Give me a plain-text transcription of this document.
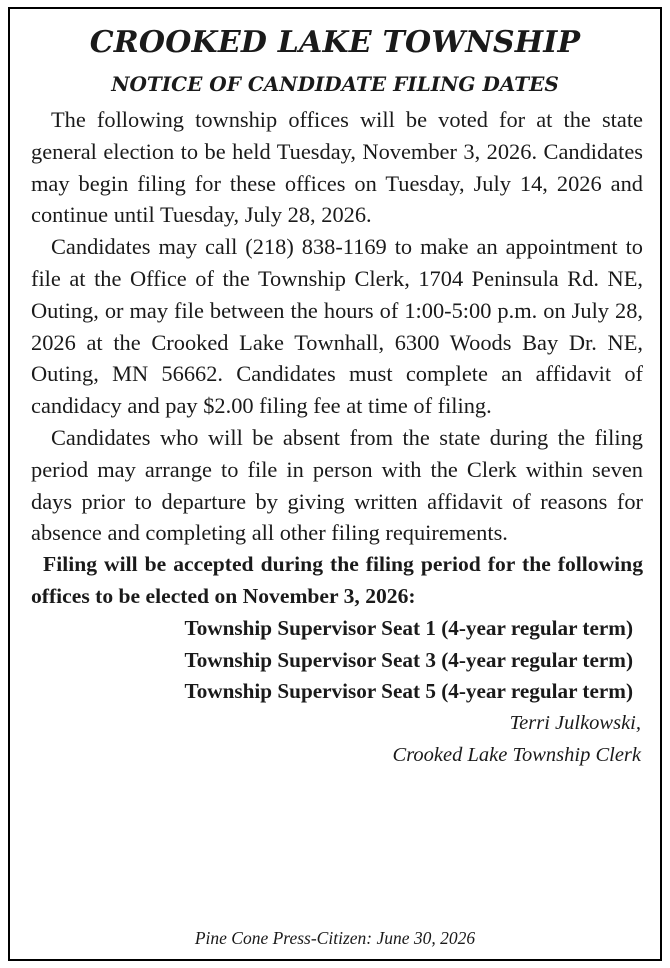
CROOKED LAKE TOWNSHIP
NOTICE OF CANDIDATE FILING DATES

The following township offices will be voted for at the state general election to be held Tuesday, November 3, 2026. Candidates may begin filing for these offices on Tuesday, July 14, 2026 and continue until Tuesday, July 28, 2026.

Candidates may call (218) 838-1169 to make an appointment to file at the Office of the Township Clerk, 1704 Peninsula Rd. NE, Outing, or may file between the hours of 1:00-5:00 p.m. on July 28, 2026 at the Crooked Lake Townhall, 6300 Woods Bay Dr. NE, Outing, MN 56662. Candidates must complete an affidavit of candidacy and pay $2.00 filing fee at time of filing.

Candidates who will be absent from the state during the filing period may arrange to file in person with the Clerk within seven days prior to departure by giving written affidavit of reasons for absence and completing all other filing requirements.

Filing will be accepted during the filing period for the following offices to be elected on November 3, 2026:

Township Supervisor Seat 1 (4-year regular term)

Township Supervisor Seat 3 (4-year regular term)

Township Supervisor Seat 5 (4-year regular term)

Terri Julkowski,

Crooked Lake Township Clerk

Pine Cone Press-Citizen: June 30, 2026
